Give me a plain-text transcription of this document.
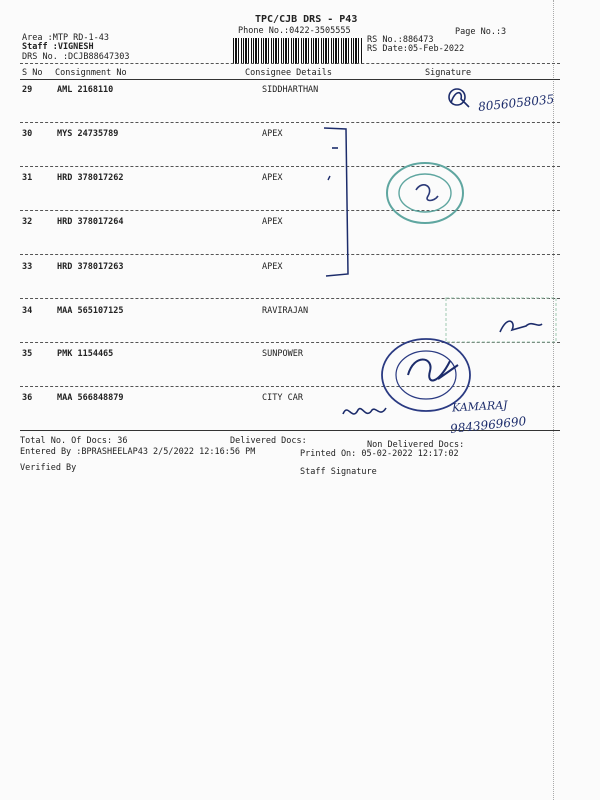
TPC/CJB DRS - P43
Phone No.:0422-3505555	Page No.:3
Area :MTP RD-1-43
Staff :VIGNESH
DRS No. :DCJB88647303
RS No.:886473
RS Date:05-Feb-2022
S No Consignment No	Consignee Details	Signature
29	AML 2168110	SIDDHARTHAN
30	MYS 24735789	APEX
31	HRD 378017262	APEX
32	HRD 378017264	APEX
33	HRD 378017263	APEX
34	MAA 565107125	RAVIRAJAN
35	PMK 1154465	SUNPOWER
36	MAA 566848879	CITY CAR
Total No. Of Docs: 36	Delivered Docs:	Non Delivered Docs:
Entered By :BPRASHEELAP43 2/5/2022 12:16:56 PM	Printed On: 05-02-2022 12:17:02
Verified By	Staff Signature
8056058035
KAMARAJ
9843969690
